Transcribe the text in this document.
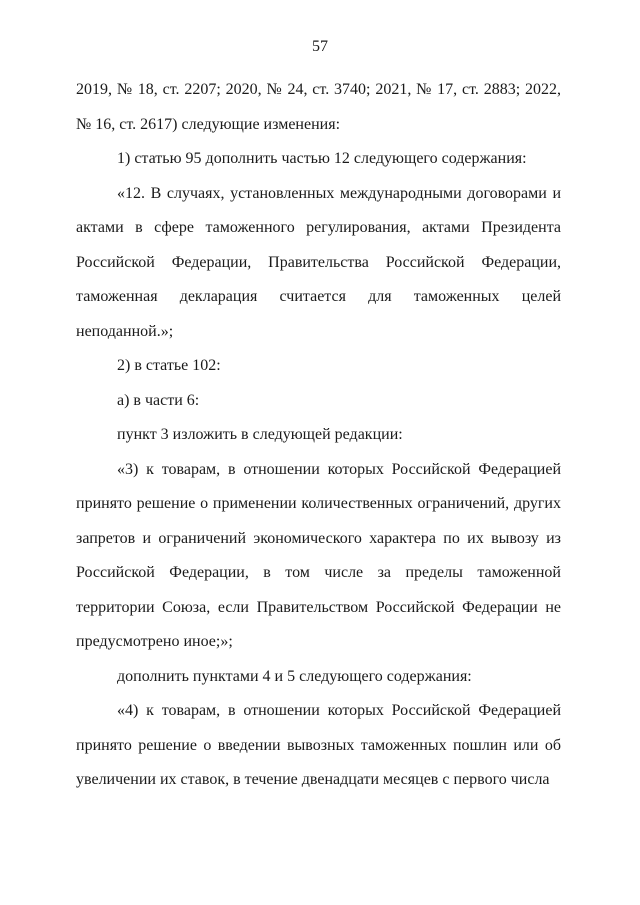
57

2019, № 18, ст. 2207; 2020, № 24, ст. 3740; 2021, № 17, ст. 2883; 2022, № 16, ст. 2617) следующие изменения:

1) статью 95 дополнить частью 12 следующего содержания:

«12. В случаях, установленных международными договорами и актами в сфере таможенного регулирования, актами Президента Российской Федерации, Правительства Российской Федерации, таможенная декларация считается для таможенных целей неподанной.»;

2) в статье 102:

а) в части 6:

пункт 3 изложить в следующей редакции:

«3) к товарам, в отношении которых Российской Федерацией принято решение о применении количественных ограничений, других запретов и ограничений экономического характера по их вывозу из Российской Федерации, в том числе за пределы таможенной территории Союза, если Правительством Российской Федерации не предусмотрено иное;»;

дополнить пунктами 4 и 5 следующего содержания:

«4) к товарам, в отношении которых Российской Федерацией принято решение о введении вывозных таможенных пошлин или об увеличении их ставок, в течение двенадцати месяцев с первого числа
